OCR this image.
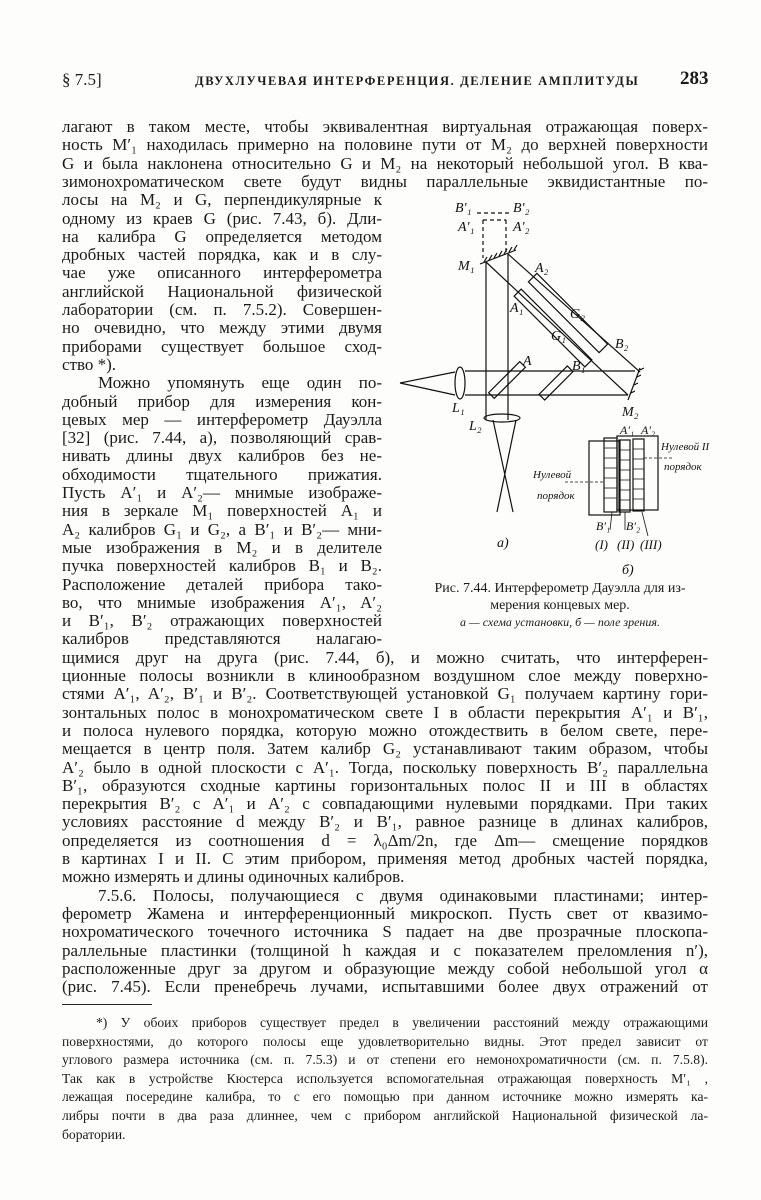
§ 7.5]	ДВУХЛУЧЕВАЯ ИНТЕРФЕРЕНЦИЯ. ДЕЛЕНИЕ АМПЛИТУДЫ 283
лагают в таком месте, чтобы эквивалентная виртуальная отражающая поверх-
ность M′₁ находилась примерно на половине пути от M₂ до верхней поверхности
G и была наклонена относительно G и M₂ на некоторый небольшой угол. В ква-
зимонохроматическом свете будут видны параллельные эквидистантные по-
лосы на M₂ и G, перпендикулярные к
одному из краев G (рис. 7.43, б). Дли-
на калибра G определяется методом
дробных частей порядка, как и в слу-
чае уже описанного интерферометра
английской Национальной физической
лаборатории (см. п. 7.5.2). Совершен-
но очевидно, что между этими двумя
приборами существует большое сход-
ство *).
Можно упомянуть еще один по-
добный прибор для измерения кон-
цевых мер — интерферометр Дауэлла
[32] (рис. 7.44, а), позволяющий срав-
нивать длины двух калибров без не-
обходимости тщательного прижатия.
Пусть A′₁ и A′₂— мнимые изображе-
ния в зеркале M₁ поверхностей A₁ и
A₂ калибров G₁ и G₂, а B′₁ и B′₂— мни-
мые изображения в M₂ и в делителе
пучка поверхностей калибров B₁ и B₂.
Расположение деталей прибора тако-
во, что мнимые изображения A′₁, A′₂
и B′₁, B′₂ отражающих поверхностей
калибров представляются налагаю-
щимися друг на друга (рис. 7.44, б), и можно считать, что интерферен-
ционные полосы возникли в клинообразном воздушном слое между поверхно-
стями A′₁, A′₂, B′₁ и B′₂. Соответствующей установкой G₁ получаем картину гори-
зонтальных полос в монохроматическом свете I в области перекрытия A′₁ и B′₁,
и полоса нулевого порядка, которую можно отождествить в белом свете, пере-
мещается в центр поля. Затем калибр G₂ устанавливают таким образом, чтобы
A′₂ было в одной плоскости с A′₁. Тогда, поскольку поверхность B′₂ параллельна
B′₁, образуются сходные картины горизонтальных полос II и III в областях
перекрытия B′₂ с A′₁ и A′₂ с совпадающими нулевыми порядками. При таких
условиях расстояние d между B′₂ и B′₁, равное разнице в длинах калибров,
определяется из соотношения d = λ₀Δm/2n, где Δm— смещение порядков
в картинах I и II. С этим прибором, применяя метод дробных частей порядка,
можно измерять и длины одиночных калибров.
7.5.6. Полосы, получающиеся с двумя одинаковыми пластинами; интер-
ферометр Жамена и интерференционный микроскоп. Пусть свет от квазимо-
нохроматического точечного источника S падает на две прозрачные плоскопа-
раллельные пластинки (толщиной h каждая и с показателем преломления n′),
расположенные друг за другом и образующие между собой небольшой угол α
(рис. 7.45). Если пренебречь лучами, испытавшими более двух отражений от
*) У обоих приборов существует предел в увеличении расстояний между отражающими
поверхностями, до которого полосы еще удовлетворительно видны. Этот предел зависит от
углового размера источника (см. п. 7.5.3) и от степени его немонохроматичности (см. п. 7.5.8).
Так как в устройстве Кюстерса используется вспомогательная отражающая поверхность M′₁ ,
лежащая посередине калибра, то с его помощью при данном источнике можно измерять ка-
либры почти в два раза длиннее, чем с прибором английской Национальной физической ла-
боратории.
B′₁	B′₂
A′₁	A′₂
M₁	A₂
A₁	G₂
G₁
B₂
B₁
A
M₂
L₁
L₂
а)
б)
A′₁ A′₂
Нулевой II
порядок
Нулевой
порядок
B′₁ B′₂
(I) (II) (III)
Рис. 7.44. Интерферометр Дауэлла для из-
мерения концевых мер.
а — схема установки, б — поле зрения.
